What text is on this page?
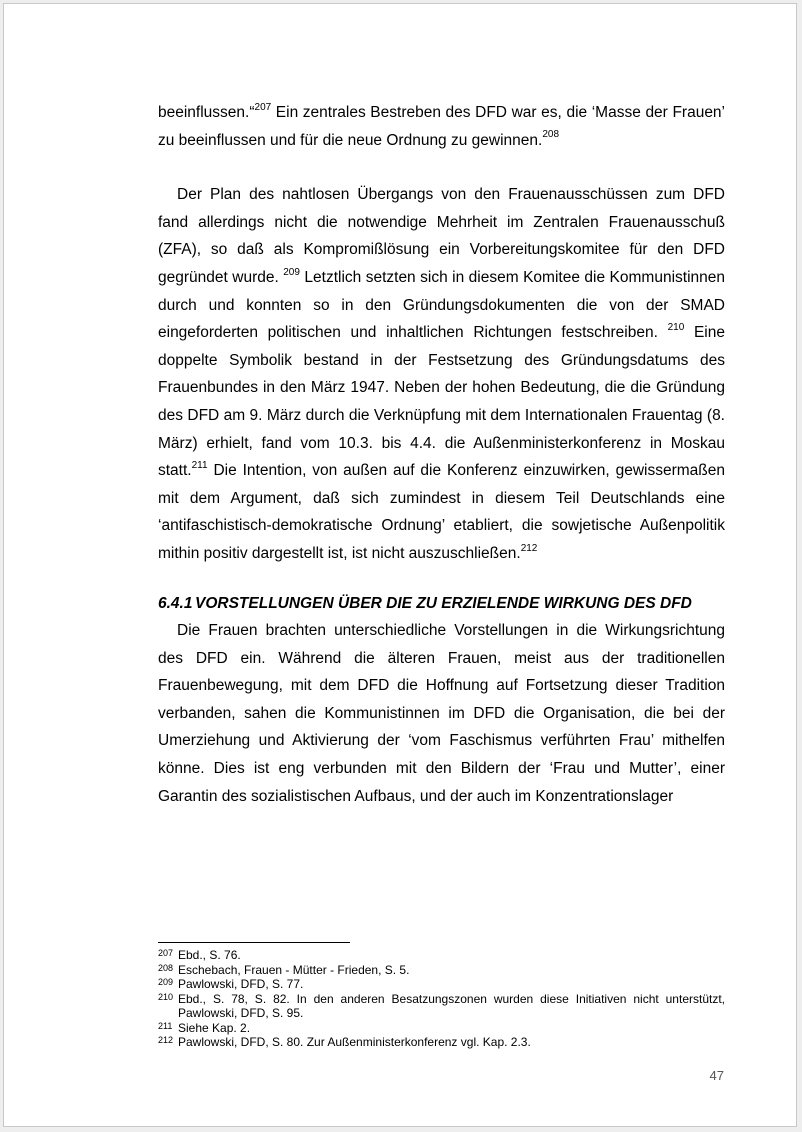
beeinflussen.“$^{207}$ Ein zentrales Bestreben des DFD war es, die ‘Masse der Frauen’ zu beeinflussen und für die neue Ordnung zu gewinnen.$^{208}$

Der Plan des nahtlosen Übergangs von den Frauenausschüssen zum DFD fand allerdings nicht die notwendige Mehrheit im Zentralen Frauenausschuß (ZFA), so daß als Kompromißlösung ein Vorbereitungskomitee für den DFD gegründet wurde. $^{209}$ Letztlich setzten sich in diesem Komitee die Kommunistinnen durch und konnten so in den Gründungsdokumenten die von der SMAD eingeforderten politischen und inhaltlichen Richtungen festschreiben. $^{210}$ Eine doppelte Symbolik bestand in der Festsetzung des Gründungsdatums des Frauenbundes in den März 1947. Neben der hohen Bedeutung, die die Gründung des DFD am 9. März durch die Verknüpfung mit dem Internationalen Frauentag (8. März) erhielt, fand vom 10.3. bis 4.4. die Außenministerkonferenz in Moskau statt.$^{211}$ Die Intention, von außen auf die Konferenz einzuwirken, gewissermaßen mit dem Argument, daß sich zumindest in diesem Teil Deutschlands eine ‘antifaschistisch-demokratische Ordnung’ etabliert, die sowjetische Außenpolitik mithin positiv dargestellt ist, ist nicht auszuschließen.$^{212}$

6.4.1 VORSTELLUNGEN ÜBER DIE ZU ERZIELENDE WIRKUNG DES DFD

Die Frauen brachten unterschiedliche Vorstellungen in die Wirkungsrichtung des DFD ein. Während die älteren Frauen, meist aus der traditionellen Frauenbewegung, mit dem DFD die Hoffnung auf Fortsetzung dieser Tradition verbanden, sahen die Kommunistinnen im DFD die Organisation, die bei der Umerziehung und Aktivierung der ‘vom Faschismus verführten Frau’ mithelfen könne. Dies ist eng verbunden mit den Bildern der ‘Frau und Mutter’, einer Garantin des sozialistischen Aufbaus, und der auch im Konzentrationslager

207 Ebd., S. 76.
208 Eschebach, Frauen - Mütter - Frieden, S. 5.
209 Pawlowski, DFD, S. 77.
210 Ebd., S. 78, S. 82. In den anderen Besatzungszonen wurden diese Initiativen nicht unterstützt, Pawlowski, DFD, S. 95.
211 Siehe Kap. 2.
212 Pawlowski, DFD, S. 80. Zur Außenministerkonferenz vgl. Kap. 2.3.
47
